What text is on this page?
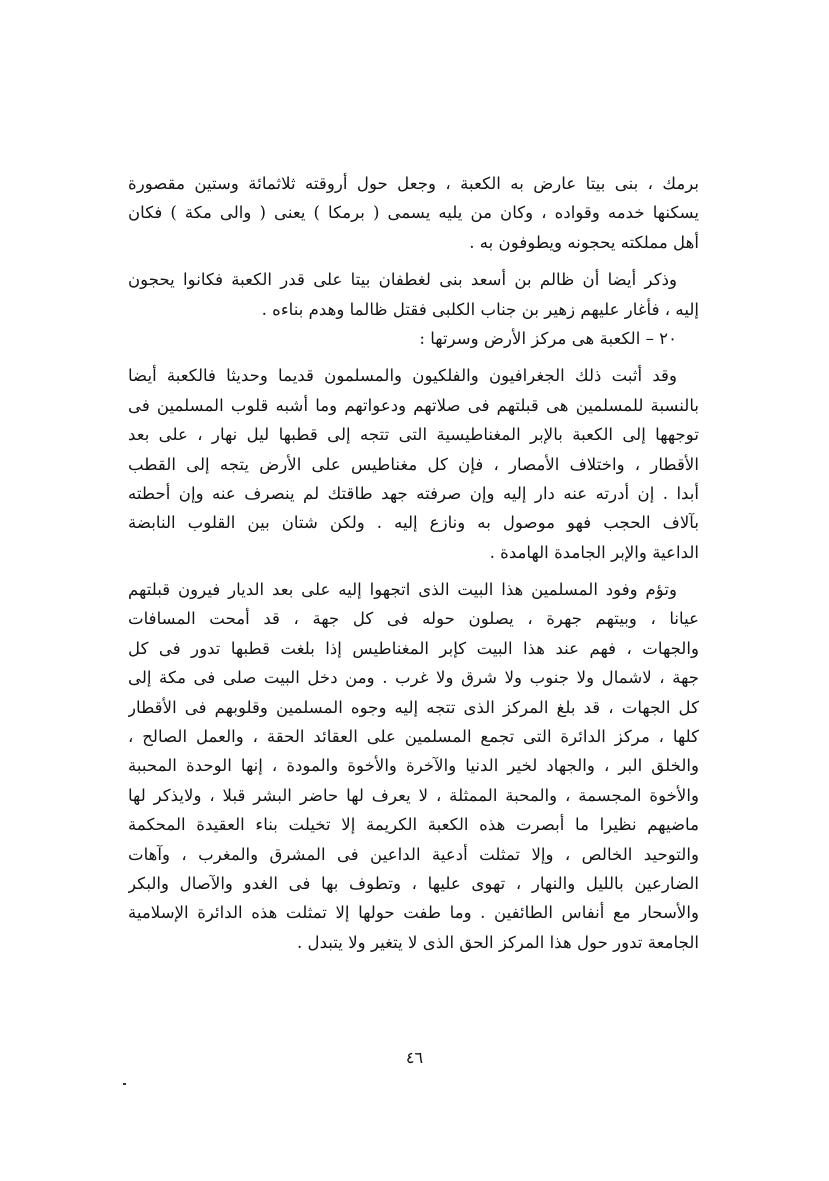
برمك ، بنى بيتا عارض به الكعبة ، وجعل حول أروقته ثلاثمائة وستين مقصورة
يسكنها خدمه وقواده ، وكان من يليه يسمى ( برمكا ) يعنى ( والى مكة ) فكان
أهل مملكته يحجونه ويطوفون به .
وذكر أيضا أن ظالم بن أسعد بنى لغطفان بيتا على قدر الكعبة فكانوا يحجون
إليه ، فأغار عليهم زهير بن جناب الكلبى فقتل ظالما وهدم بناءه .
٢٠ – الكعبة هى مركز الأرض وسرتها :
وقد أثبت ذلك الجغرافيون والفلكيون والمسلمون قديما وحديثا فالكعبة أيضا
بالنسبة للمسلمين هى قبلتهم فى صلاتهم ودعواتهم وما أشبه قلوب المسلمين فى
توجهها إلى الكعبة بالإبر المغناطيسية التى تتجه إلى قطبها ليل نهار ، على بعد
الأقطار ، واختلاف الأمصار ، فإن كل مغناطيس على الأرض يتجه إلى القطب
أبدا . إن أدرته عنه دار إليه وإن صرفته جهد طاقتك لم ينصرف عنه وإن أحطته
بآلاف الحجب فهو موصول به ونازع إليه . ولكن شتان بين القلوب النابضة
الداعية والإبر الجامدة الهامدة .
وتؤم وفود المسلمين هذا البيت الذى اتجهوا إليه على بعد الديار فيرون قبلتهم
عيانا ، وبيتهم جهرة ، يصلون حوله فى كل جهة ، قد أمحت المسافات
والجهات ، فهم عند هذا البيت كإبر المغناطيس إذا بلغت قطبها تدور فى كل
جهة ، لاشمال ولا جنوب ولا شرق ولا غرب . ومن دخل البيت صلى فى مكة إلى
كل الجهات ، قد بلغ المركز الذى تتجه إليه وجوه المسلمين وقلوبهم فى الأقطار
كلها ، مركز الدائرة التى تجمع المسلمين على العقائد الحقة ، والعمل الصالح ،
والخلق البر ، والجهاد لخير الدنيا والآخرة والأخوة والمودة ، إنها الوحدة المحببة
والأخوة المجسمة ، والمحبة الممثلة ، لا يعرف لها حاضر البشر قبلا ، ولايذكر لها
ماضيهم نظيرا ما أبصرت هذه الكعبة الكريمة إلا تخيلت بناء العقيدة المحكمة
والتوحيد الخالص ، وإلا تمثلت أدعية الداعين فى المشرق والمغرب ، وآهات
الضارعين بالليل والنهار ، تهوى عليها ، وتطوف بها فى الغدو والآصال والبكر
والأسحار مع أنفاس الطائفين . وما طفت حولها إلا تمثلت هذه الدائرة الإسلامية
الجامعة تدور حول هذا المركز الحق الذى لا يتغير ولا يتبدل .
٤٦
